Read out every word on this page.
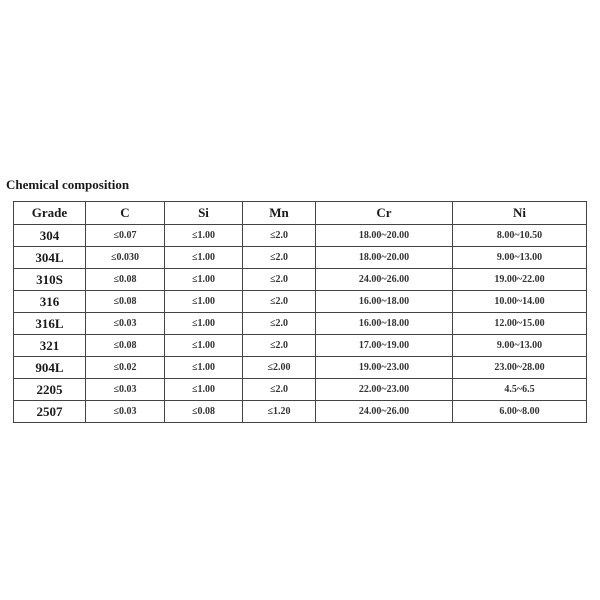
Chemical composition
Grade	C	Si	Mn	Cr	Ni
304	≤0.07	≤1.00	≤2.0	18.00~20.00	8.00~10.50
304L	≤0.030	≤1.00	≤2.0	18.00~20.00	9.00~13.00
310S	≤0.08	≤1.00	≤2.0	24.00~26.00	19.00~22.00
316	≤0.08	≤1.00	≤2.0	16.00~18.00	10.00~14.00
316L	≤0.03	≤1.00	≤2.0	16.00~18.00	12.00~15.00
321	≤0.08	≤1.00	≤2.0	17.00~19.00	9.00~13.00
904L	≤0.02	≤1.00	≤2.00	19.00~23.00	23.00~28.00
2205	≤0.03	≤1.00	≤2.0	22.00~23.00	4.5~6.5
2507	≤0.03	≤0.08	≤1.20	24.00~26.00	6.00~8.00
